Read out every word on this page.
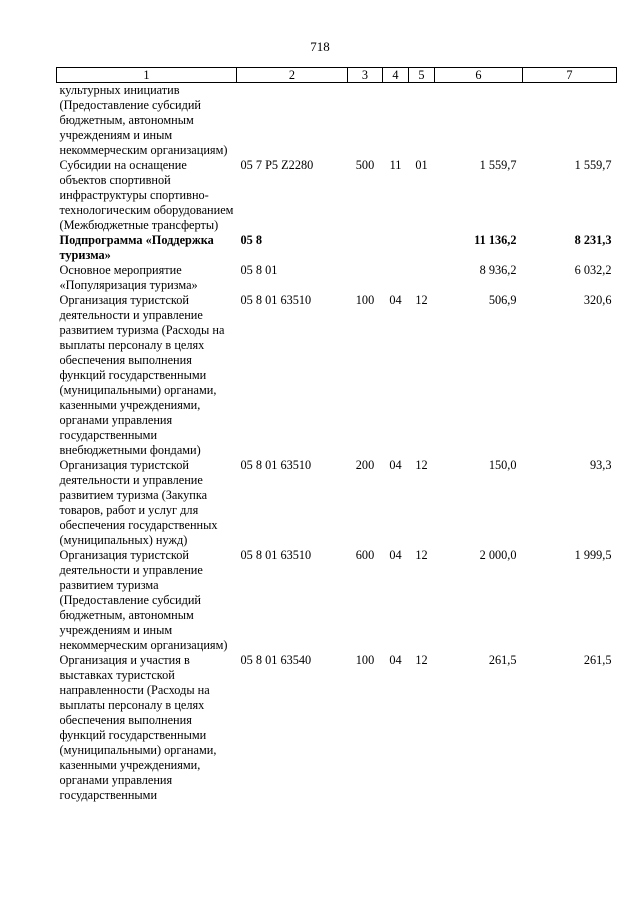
718
1	2	3	4	5	6	7
культурных инициатив (Предоставление субсидий бюджетным, автономным учреждениям и иным некоммерческим организациям)						
Субсидии на оснащение объектов спортивной инфраструктуры спортивно-технологическим оборудованием (Межбюджетные трансферты)	05 7 P5 Z2280	500	11	01	1 559,7	1 559,7
Подпрограмма «Поддержка туризма»	05 8				11 136,2	8 231,3
Основное мероприятие «Популяризация туризма»	05 8 01				8 936,2	6 032,2
Организация туристской деятельности и управление развитием туризма (Расходы на выплаты персоналу в целях обеспечения выполнения функций государственными (муниципальными) органами, казенными учреждениями, органами управления государственными внебюджетными фондами)	05 8 01 63510	100	04	12	506,9	320,6
Организация туристской деятельности и управление развитием туризма (Закупка товаров, работ и услуг для обеспечения государственных (муниципальных) нужд)	05 8 01 63510	200	04	12	150,0	93,3
Организация туристской деятельности и управление развитием туризма (Предоставление субсидий бюджетным, автономным учреждениям и иным некоммерческим организациям)	05 8 01 63510	600	04	12	2 000,0	1 999,5
Организация и участия в выставках туристской направленности (Расходы на выплаты персоналу в целях обеспечения выполнения функций государственными (муниципальными) органами, казенными учреждениями, органами управления государственными	05 8 01 63540	100	04	12	261,5	261,5
